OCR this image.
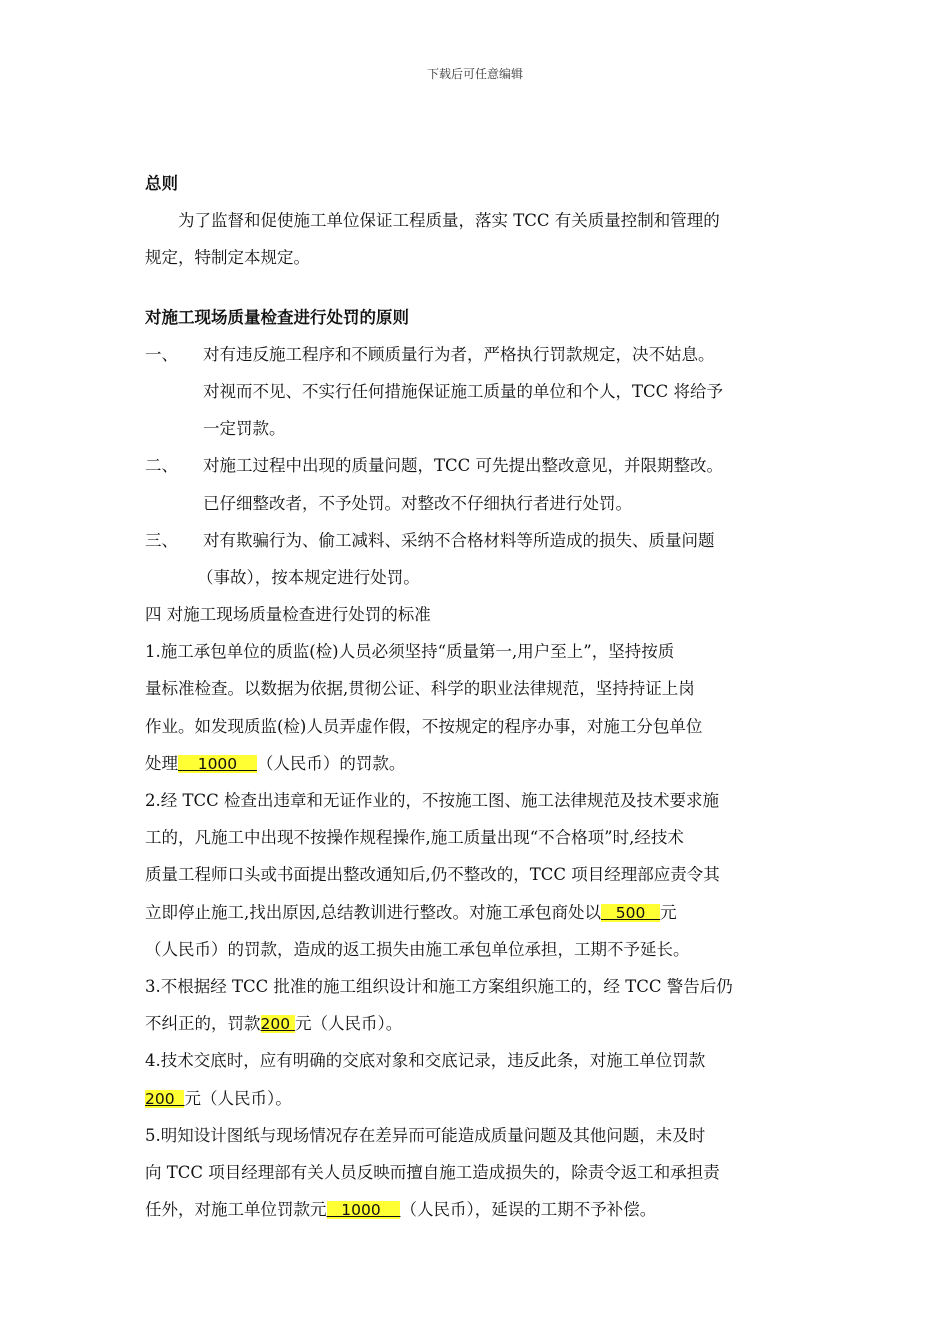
下载后可任意编辑
总则
为了监督和促使施工单位保证工程质量，落实 TCC 有关质量控制和管理的
规定，特制定本规定。
对施工现场质量检查进行处罚的原则
一、 对有违反施工程序和不顾质量行为者，严格执行罚款规定，决不姑息。
对视而不见、不实行任何措施保证施工质量的单位和个人，TCC 将给予
一定罚款。
二、 对施工过程中出现的质量问题，TCC 可先提出整改意见，并限期整改。
已仔细整改者，不予处罚。对整改不仔细执行者进行处罚。
三、 对有欺骗行为、偷工减料、采纳不合格材料等所造成的损失、质量问题
（事故），按本规定进行处罚。
四 对施工现场质量检查进行处罚的标准
1.施工承包单位的质监(检)人员必须坚持“质量第一,用户至上”，坚持按质
量标准检查。以数据为依据,贯彻公证、科学的职业法律规范，坚持持证上岗
作业。如发现质监(检)人员弄虚作假，不按规定的程序办事，对施工分包单位
处理    1000    （人民币）的罚款。
2.经 TCC 检查出违章和无证作业的，不按施工图、施工法律规范及技术要求施
工的，凡施工中出现不按操作规程操作,施工质量出现“不合格项”时,经技术
质量工程师口头或书面提出整改通知后,仍不整改的，TCC 项目经理部应责令其
立即停止施工,找出原因,总结教训进行整改。对施工承包商处以   500   元
（人民币）的罚款，造成的返工损失由施工承包单位承担，工期不予延长。
3.不根据经 TCC 批准的施工组织设计和施工方案组织施工的，经 TCC 警告后仍
不纠正的，罚款200 元（人民币）。
4.技术交底时，应有明确的交底对象和交底记录，违反此条，对施工单位罚款
200  元（人民币）。
5.明知设计图纸与现场情况存在差异而可能造成质量问题及其他问题，未及时
向 TCC 项目经理部有关人员反映而擅自施工造成损失的，除责令返工和承担责
任外，对施工单位罚款元   1000    （人民币），延误的工期不予补偿。
